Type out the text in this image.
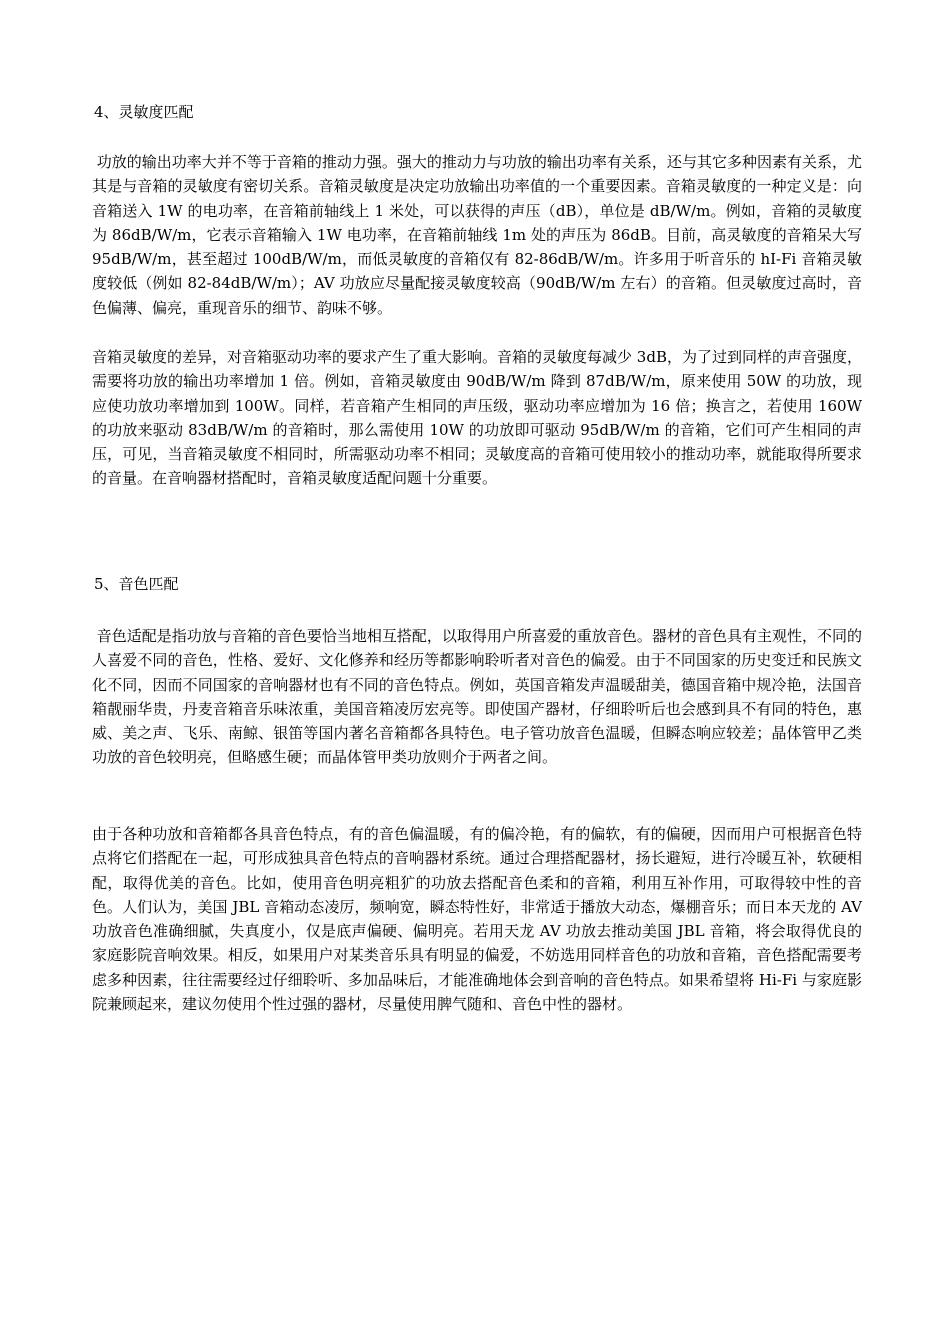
4、灵敏度匹配

功放的输出功率大并不等于音箱的推动力强。强大的推动力与功放的输出功率有关系，还与其它多种因素有关系，尤其是与音箱的灵敏度有密切关系。音箱灵敏度是决定功放输出功率值的一个重要因素。音箱灵敏度的一种定义是：向音箱送入 1W 的电功率，在音箱前轴线上 1 米处，可以获得的声压（dB），单位是 dB/W/m。例如，音箱的灵敏度为 86dB/W/m，它表示音箱输入 1W 电功率，在音箱前轴线 1m 处的声压为 86dB。目前，高灵敏度的音箱呆大写 95dB/W/m，甚至超过 100dB/W/m，而低灵敏度的音箱仅有 82-86dB/W/m。许多用于听音乐的 hI-Fi 音箱灵敏度较低（例如 82-84dB/W/m）；AV 功放应尽量配接灵敏度较高（90dB/W/m 左右）的音箱。但灵敏度过高时，音色偏薄、偏亮，重现音乐的细节、韵味不够。

音箱灵敏度的差异，对音箱驱动功率的要求产生了重大影响。音箱的灵敏度每减少 3dB，为了过到同样的声音强度，需要将功放的输出功率增加 1 倍。例如，音箱灵敏度由 90dB/W/m 降到 87dB/W/m，原来使用 50W 的功放，现应使功放功率增加到 100W。同样，若音箱产生相同的声压级，驱动功率应增加为 16 倍；换言之，若使用 160W 的功放来驱动 83dB/W/m 的音箱时，那么需使用 10W 的功放即可驱动 95dB/W/m 的音箱，它们可产生相同的声压，可见，当音箱灵敏度不相同时，所需驱动功率不相同；灵敏度高的音箱可使用较小的推动功率，就能取得所要求的音量。在音响器材搭配时，音箱灵敏度适配问题十分重要。

5、音色匹配

音色适配是指功放与音箱的音色要恰当地相互搭配，以取得用户所喜爱的重放音色。器材的音色具有主观性，不同的人喜爱不同的音色，性格、爱好、文化修养和经历等都影响聆听者对音色的偏爱。由于不同国家的历史变迁和民族文化不同，因而不同国家的音响器材也有不同的音色特点。例如，英国音箱发声温暖甜美，德国音箱中规冷艳，法国音箱靓丽华贵，丹麦音箱音乐味浓重，美国音箱凌厉宏亮等。即使国产器材，仔细聆听后也会感到具不有同的特色，惠威、美之声、飞乐、南鲸、银笛等国内著名音箱都各具特色。电子管功放音色温暖，但瞬态响应较差；晶体管甲乙类功放的音色较明亮，但略感生硬；而晶体管甲类功放则介于两者之间。

由于各种功放和音箱都各具音色特点，有的音色偏温暖，有的偏冷艳，有的偏软，有的偏硬，因而用户可根据音色特点将它们搭配在一起，可形成独具音色特点的音响器材系统。通过合理搭配器材，扬长避短，进行冷暖互补，软硬相配，取得优美的音色。比如，使用音色明亮粗犷的功放去搭配音色柔和的音箱，利用互补作用，可取得较中性的音色。人们认为，美国 JBL 音箱动态凌厉，频响宽，瞬态特性好，非常适于播放大动态，爆棚音乐；而日本天龙的 AV 功放音色准确细腻，失真度小，仅是底声偏硬、偏明亮。若用天龙 AV 功放去推动美国 JBL 音箱，将会取得优良的家庭影院音响效果。相反，如果用户对某类音乐具有明显的偏爱，不妨选用同样音色的功放和音箱，音色搭配需要考虑多种因素，往往需要经过仔细聆听、多加品味后，才能准确地体会到音响的音色特点。如果希望将 Hi-Fi 与家庭影院兼顾起来，建议勿使用个性过强的器材，尽量使用脾气随和、音色中性的器材。
